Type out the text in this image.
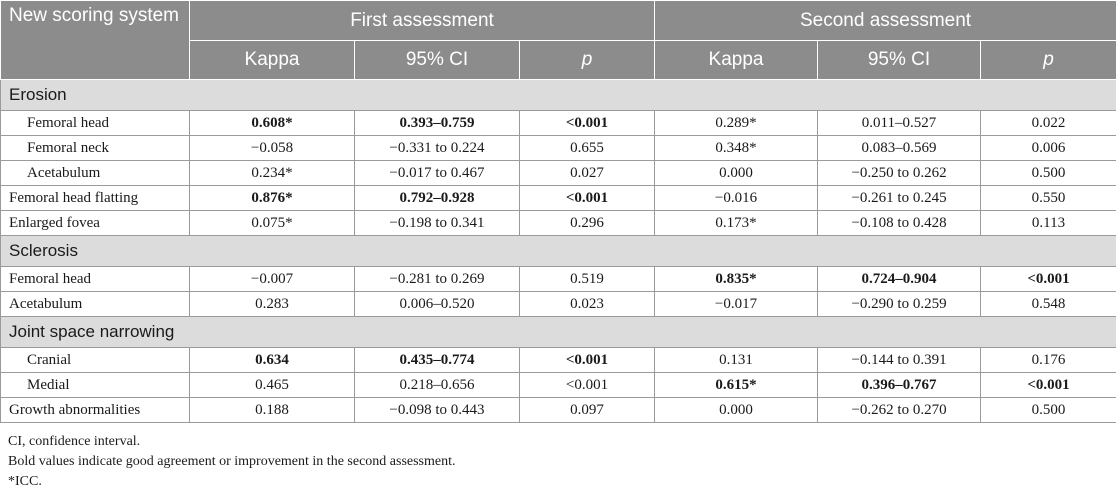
New scoring system	First assessment			Second assessment		
	Kappa	95% CI	p	Kappa	95% CI	p
Erosion						
Femoral head	0.608*	0.393–0.759	<0.001	0.289*	0.011–0.527	0.022
Femoral neck	−0.058	−0.331 to 0.224	0.655	0.348*	0.083–0.569	0.006
Acetabulum	0.234*	−0.017 to 0.467	0.027	0.000	−0.250 to 0.262	0.500
Femoral head flatting	0.876*	0.792–0.928	<0.001	−0.016	−0.261 to 0.245	0.550
Enlarged fovea	0.075*	−0.198 to 0.341	0.296	0.173*	−0.108 to 0.428	0.113
Sclerosis						
Femoral head	−0.007	−0.281 to 0.269	0.519	0.835*	0.724–0.904	<0.001
Acetabulum	0.283	0.006–0.520	0.023	−0.017	−0.290 to 0.259	0.548
Joint space narrowing						
Cranial	0.634	0.435–0.774	<0.001	0.131	−0.144 to 0.391	0.176
Medial	0.465	0.218–0.656	<0.001	0.615*	0.396–0.767	<0.001
Growth abnormalities	0.188	−0.098 to 0.443	0.097	0.000	−0.262 to 0.270	0.500
CI, confidence interval.
Bold values indicate good agreement or improvement in the second assessment.
*ICC.
